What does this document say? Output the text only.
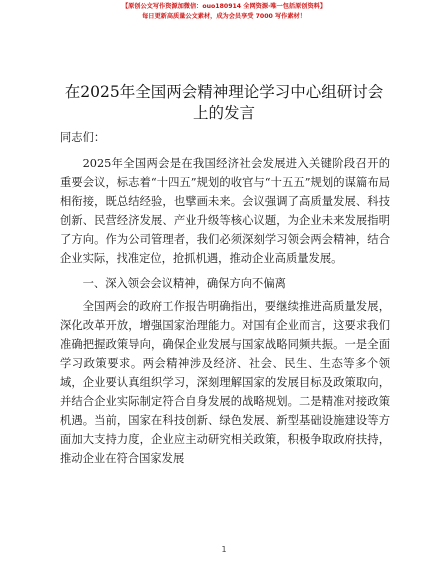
【原创公文写作资源加微信：ouo180914 全网资源·唯一包括原创资料】
每日更新高质量公文素材，成为会员享受 7000 写作素材！
在2025年全国两会精神理论学习中心组研讨会上的发言

同志们：

2025年全国两会是在我国经济社会发展进入关键阶段召开的重要会议，标志着“十四五”规划的收官与“十五五”规划的谋篇布局相衔接，既总结经验，也擘画未来。会议强调了高质量发展、科技创新、民营经济发展、产业升级等核心议题，为企业未来发展指明了方向。作为公司管理者，我们必须深刻学习领会两会精神，结合企业实际，找准定位，抢抓机遇，推动企业高质量发展。

一、深入领会会议精神，确保方向不偏离

全国两会的政府工作报告明确指出，要继续推进高质量发展，深化改革开放，增强国家治理能力。对国有企业而言，这要求我们准确把握政策导向，确保企业发展与国家战略同频共振。一是全面学习政策要求。两会精神涉及经济、社会、民生、生态等多个领域，企业要认真组织学习，深刻理解国家的发展目标及政策取向，并结合企业实际制定符合自身发展的战略规划。二是精准对接政策机遇。当前，国家在科技创新、绿色发展、新型基础设施建设等方面加大支持力度，企业应主动研究相关政策，积极争取政府扶持，推动企业在符合国家发展

1
